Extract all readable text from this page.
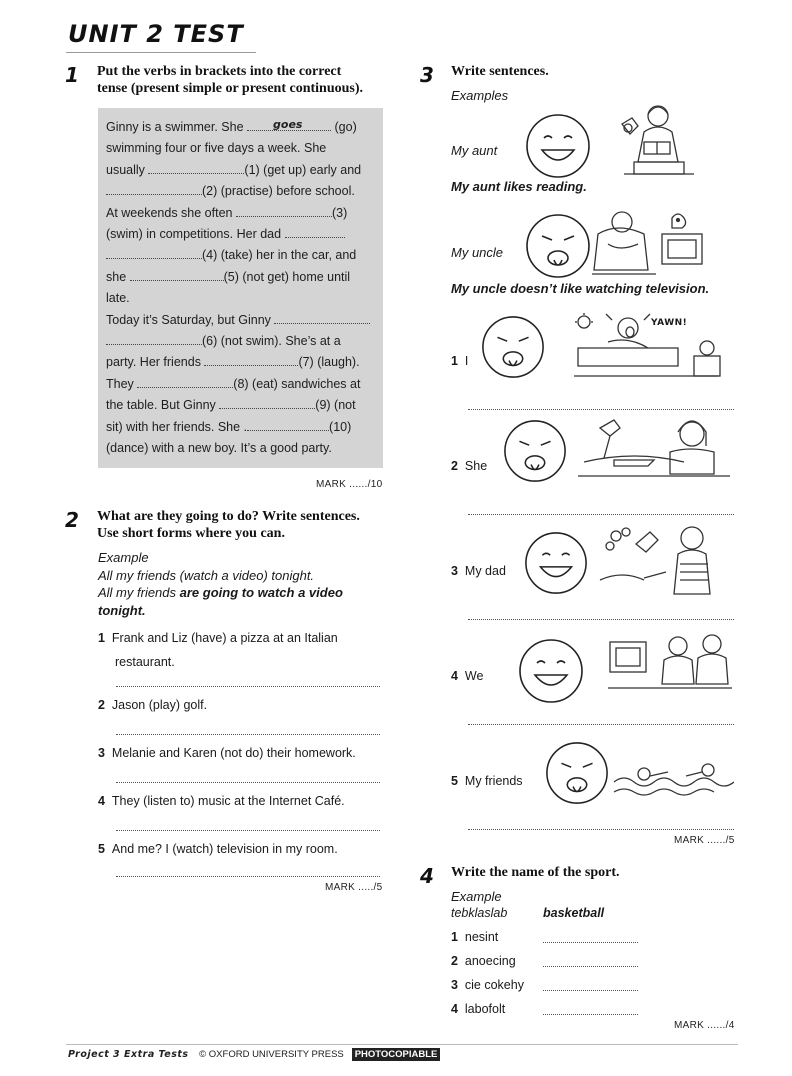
UNIT 2 TEST
1 Put the verbs in brackets into the correct
tense (present simple or present continuous).
Ginny is a swimmer. She	goes	(go)
swimming four or five days a week. She
usually	(1) (get up) early and
(2) (practise) before school.
At weekends she often	(3)
(swim) in competitions. Her dad
(4) (take) her in the car, and
she	(5) (not get) home until
late.
Today it’s Saturday, but Ginny
(6) (not swim). She’s at a
party. Her friends	(7) (laugh).
They	(8) (eat) sandwiches at
the table. But Ginny	(9) (not
sit) with her friends. She .	(10)
(dance) with a new boy. It’s a good party.
MARK ....../10
2 What are they going to do? Write sentences.
Use short forms where you can.
Example
All my friends (watch a video) tonight.
All my friends are going to watch a video
tonight.
1 Frank and Liz (have) a pizza at an Italian
restaurant.
2 Jason (play) golf.
3 Melanie and Karen (not do) their homework.
4 They (listen to) music at the Internet Café.
5 And me? I (watch) television in my room.
MARK ...../5
3 Write sentences.
Examples
My aunt
My aunt likes reading.
My uncle
My uncle doesn’t like watching television.
YAWN!
1 I
2 She
3 My dad
4 We
5 My friends
MARK ....../5
4 Write the name of the sport.
Example
tebklaslab	basketball
1 nesint
2 anoecing
3 cie cokehy
4 labofolt
MARK ....../4
Project 3 Extra Tests © OXFORD UNIVERSITY PRESS PHOTOCOPIABLE
